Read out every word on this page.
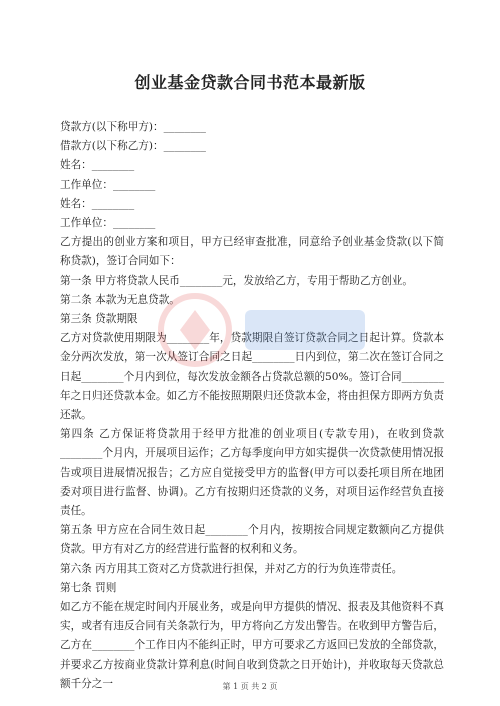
创业基金贷款合同书范本最新版
贷款方(以下称甲方)：________
借款方(以下称乙方)：________
姓名：________
工作单位：________
姓名：________
工作单位：________
乙方提出的创业方案和项目，甲方已经审查批准，同意给予创业基金贷款(以下简称贷款)，签订合同如下：
第一条 甲方将贷款人民币________元，发放给乙方，专用于帮助乙方创业。
第二条 本款为无息贷款。
第三条 贷款期限
乙方对贷款使用期限为________年，贷款期限自签订贷款合同之日起计算。贷款本金分两次发放，第一次从签订合同之日起________日内到位，第二次在签订合同之日起________个月内到位，每次发放金额各占贷款总额的50%。签订合同________年之日归还贷款本金。如乙方不能按照期限归还贷款本金，将由担保方即两方负责还款。
第四条 乙方保证将贷款用于经甲方批准的创业项目(专款专用)，在收到贷款________个月内，开展项目运作；乙方每季度向甲方如实提供一次贷款使用情况报告或项目进展情况报告；乙方应自觉接受甲方的监督(甲方可以委托项目所在地团委对项目进行监督、协调)。乙方有按期归还贷款的义务，对项目运作经营负直接责任。
第五条 甲方应在合同生效日起________个月内，按期按合同规定数额向乙方提供贷款。甲方有对乙方的经营进行监督的权利和义务。
第六条 丙方用其工资对乙方贷款进行担保，并对乙方的行为负连带责任。
第七条 罚则
如乙方不能在规定时间内开展业务，或是向甲方提供的情况、报表及其他资料不真实，或者有违反合同有关条款行为，甲方将向乙方发出警告。在收到甲方警告后，乙方在________个工作日内不能纠正时，甲方可要求乙方返回已发放的全部贷款，并要求乙方按商业贷款计算利息(时间自收到贷款之日开始计)，并收取每天贷款总额千分之一	第 1 页 共 2 页
